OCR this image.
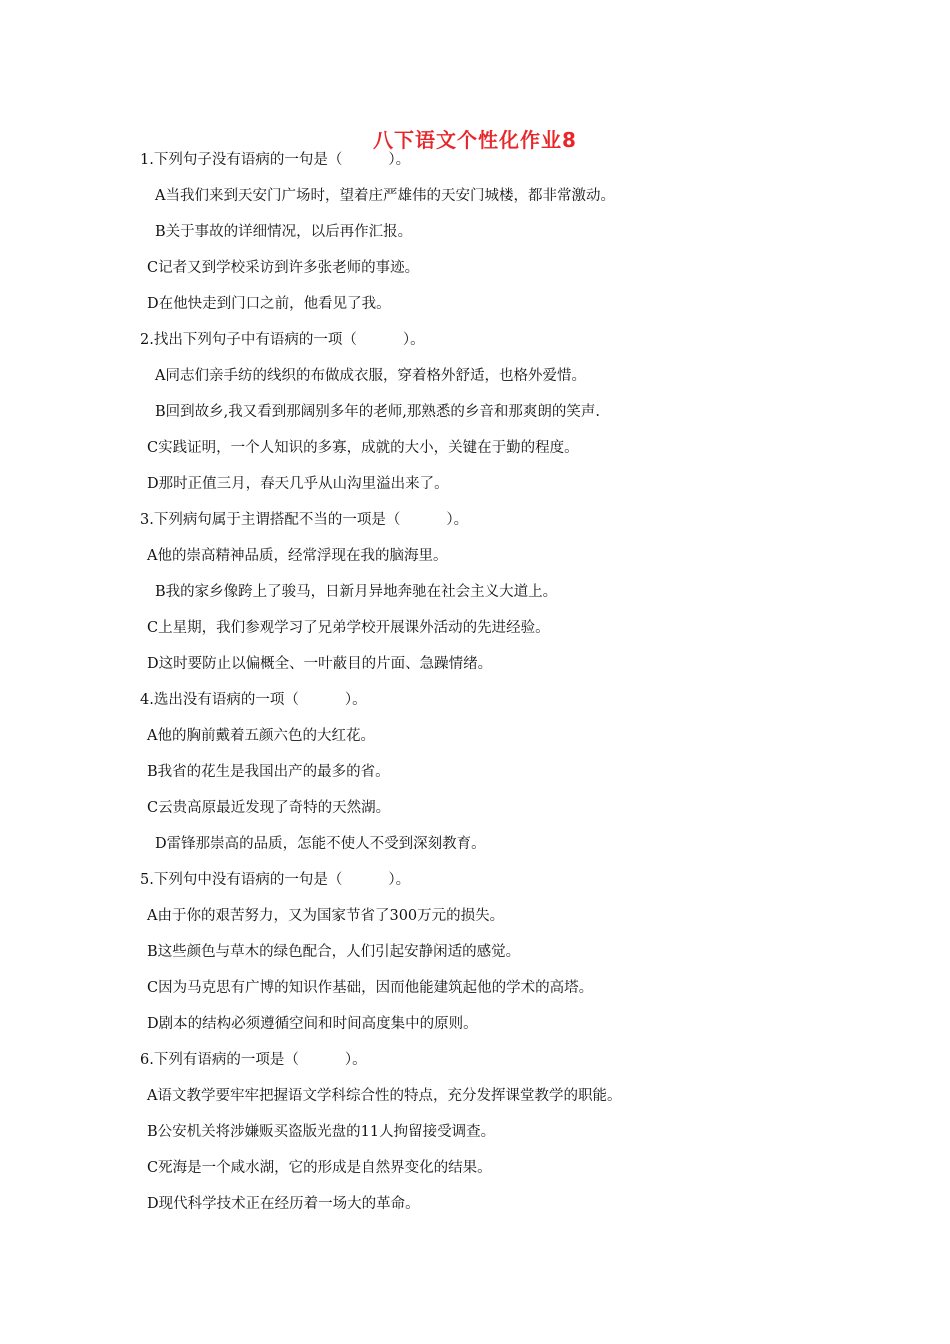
八下语文个性化作业8
1.下列句子没有语病的一句是（          ）。
A当我们来到天安门广场时，望着庄严雄伟的天安门城楼，都非常激动。
B关于事故的详细情况，以后再作汇报。
C记者又到学校采访到许多张老师的事迹。
D在他快走到门口之前，他看见了我。
2.找出下列句子中有语病的一项（          ）。
A同志们亲手纺的线织的布做成衣服，穿着格外舒适，也格外爱惜。
B回到故乡,我又看到那阔别多年的老师,那熟悉的乡音和那爽朗的笑声.
C实践证明，一个人知识的多寡，成就的大小，关键在于勤的程度。
D那时正值三月，春天几乎从山沟里溢出来了。
3.下列病句属于主谓搭配不当的一项是（          ）。
A他的崇高精神品质，经常浮现在我的脑海里。
B我的家乡像跨上了骏马，日新月异地奔驰在社会主义大道上。
C上星期，我们参观学习了兄弟学校开展课外活动的先进经验。
D这时要防止以偏概全、一叶蔽目的片面、急躁情绪。
4.选出没有语病的一项（          ）。
A他的胸前戴着五颜六色的大红花。
B我省的花生是我国出产的最多的省。
C云贵高原最近发现了奇特的天然湖。
D雷锋那崇高的品质，怎能不使人不受到深刻教育。
5.下列句中没有语病的一句是（          ）。
A由于你的艰苦努力，又为国家节省了300万元的损失。
B这些颜色与草木的绿色配合，人们引起安静闲适的感觉。
C因为马克思有广博的知识作基础，因而他能建筑起他的学术的高塔。
D剧本的结构必须遵循空间和时间高度集中的原则。
6.下列有语病的一项是（          ）。
A语文教学要牢牢把握语文学科综合性的特点，充分发挥课堂教学的职能。
B公安机关将涉嫌贩买盗版光盘的11人拘留接受调查。
C死海是一个咸水湖，它的形成是自然界变化的结果。
D现代科学技术正在经历着一场大的革命。
